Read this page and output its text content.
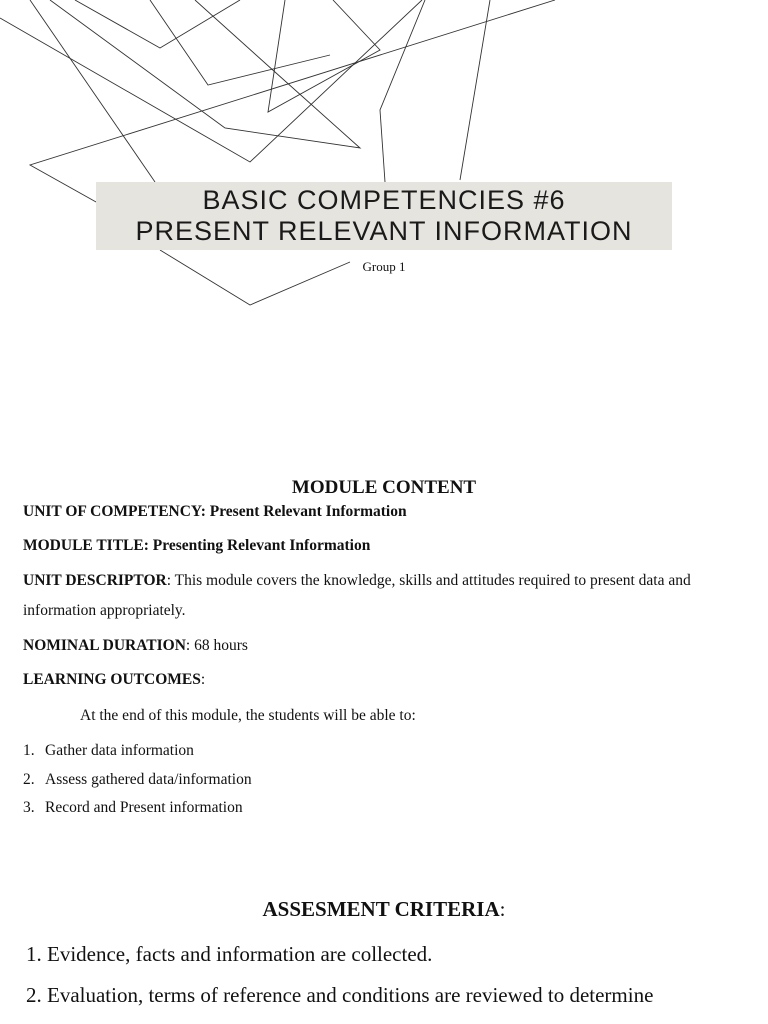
BASIC COMPETENCIES #6
PRESENT RELEVANT INFORMATION
Group 1
MODULE CONTENT
UNIT OF COMPETENCY: Present Relevant Information
MODULE TITLE: Presenting Relevant Information
UNIT DESCRIPTOR: This module covers the knowledge, skills and attitudes required to present data and information appropriately.
NOMINAL DURATION: 68 hours
LEARNING OUTCOMES:
At the end of this module, the students will be able to:
1. Gather data information
2. Assess gathered data/information
3. Record and Present information
ASSESMENT CRITERIA:
1. Evidence, facts and information are collected.
2. Evaluation, terms of reference and conditions are reviewed to determine
